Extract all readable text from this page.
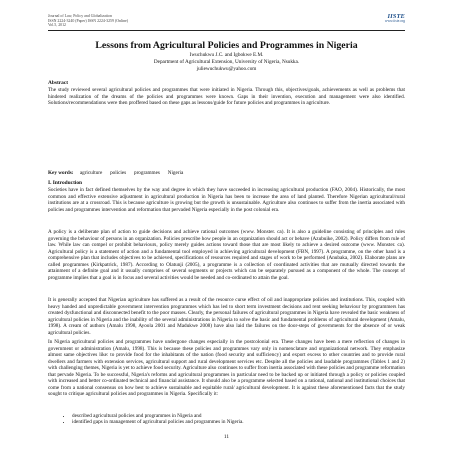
Journal of Law, Policy and Globalization
ISSN 2224-3240 (Paper) ISSN 2224-3259 (Online)
Vol.5, 2012
IISTE
www.iiste.org
Lessons from Agricultural Policies and Programmes in Nigeria
Iwuchukwu J.C. and Igbokwe E.M.
Department of Agricultural Extension, University of Nigeria, Nsukka.
juliewuchukwu@yahoo.com
Abstract
The study reviewed several agricultural policies and programmes that were initiated in Nigeria. Through this, objectives/goals, achievements as well as problems that hindered realization of the dreams of the policies and programmes were known. Gaps in their invention, execution and management were also identified. Solutions/recommendations were then proffered based on these gaps as lessons/guide for future policies and programmes in agriculture.
Key words: agriculture policies programmes Nigeria
I. Introduction
Societies have in fact defined themselves by the way and degree in which they have succeeded in increasing agricultural production (FAO, 2004). Historically, the most common and effective extensive adjustment in agricultural production in Nigeria has been to increase the area of land planted. Therefore Nigerian agricultural/rural institutions are at a crossroad. This is because agriculture is growing but the growth is unsustainable. Agriculture also continues to suffer from the inertia associated with policies and programmes intervention and reformation that pervaded Nigeria especially in the post colonial era.
A policy is a deliberate plan of action to guide decisions and achieve rational outcomes (www. Monster. ca). It is also a guideline consisting of principles and rules governing the behaviour of persons in an organization. Policies prescribe how people in an organization should act or behave (Azubuike, 2002). Policy differs from rule of law. While law can compel or prohibit behaviours, policy merely guides actions toward those that are most likely to achieve a desired outcome (www. Monster. ca). Agricultural policy is a statement of action and a fundamental tool employed in achieving agricultural development (FBN, 1997). A programme, on the other hand is a comprehensive plan that includes objectives to be achieved, specifications of resources required and stages of work to be performed (Anubaka, 2002). Elaborate plans are called programmes (Kirkpatrick, 1987). According to Olatunji (2005), a programme is a collection of coordinated activities that are mutually directed towards the attainment of a definite goal and it usually comprises of several segments or projects which can be separately pursued as a component of the whole. The concept of programme implies that a goal is in focus and several activities would be needed and co-ordinated to attain the goal.
It is generally accepted that Nigerian agriculture has suffered as a result of the resource curse effect of oil and inappropriate policies and institutions. This, coupled with heavy handed and unpredictable government intervention programmes which has led to short term investment decisions and rent seeking behaviour by programmers has created dysfunctional and disconnected benefit to the poor masses. Clearly, the personal failures of agricultural programmes in Nigeria have revealed the basic weakness of agricultural policies in Nigeria and the inability of the several administrations in Nigeria to solve the basic and fundamental problems of agricultural development (Amalu, 1998). A cream of authors (Amalu 1998, Ayoola 2001 and Madukwe 2008) have also laid the failures on the door-steps of governments for the absence of or weak agricultural policies.
In Nigeria agricultural policies and programmes have undergone changes especially in the postcolonial era. These changes have been a mere reflection of changes in government or administration (Amalu, 1998). This is because these policies and programmes vary only in nomenclature and organizational network. They emphasize almost same objectives like: to provide food for the inhabitants of the nation (food security and sufficiency) and export excess to other countries and to provide rural dwellers and farmers with extension services, agricultural support and rural development services etc. Despite all the policies and laudable programmes (Tables 1 and 2) with challenging themes, Nigeria is yet to achieve food security. Agriculture also continues to suffer from inertia associated with these policies and programme reformation that pervade Nigeria. To be successful, Nigeria's reforms and agricultural programmes in particular need to be backed up or initiated through a policy or policies coupled with increased and better co-ordinated technical and financial assistance. It should also be a programme selected based on a rational, national and institutional choices that come from a national consensus on how best to achieve sustainable and equitable rural/ agricultural development. It is against these aforementioned facts that the study sought to critique agricultural policies and programmes in Nigeria. Specifically it:
• described agricultural policies and programmes in Nigeria and
• identified gaps in management of agricultural policies and programmes in Nigeria.
11
